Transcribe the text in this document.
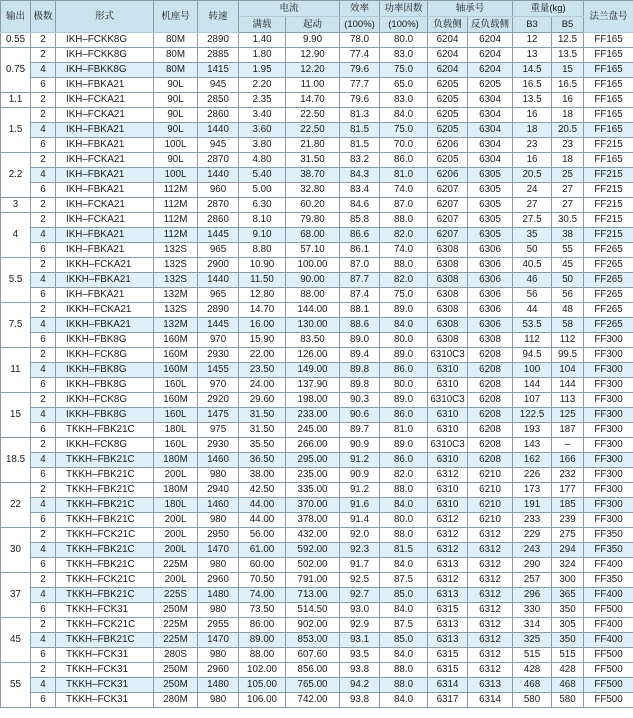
输出	极数	形式	机座号	转速	电流		效率	功率因数	轴承号		重量(kg)		法兰盘号
					满载	起动	(100%)	(100%)	负载侧	反负载侧	B3	B5	
0.55	2	IKH–FCKK8G	80M	2890	1.40	9.90	78.0	80.0	6204	6204	12	12.5	FF165
0.75	2	IKH–FCKK8G	80M	2885	1.80	12.90	77.4	83.0	6204	6204	13	13.5	FF165
	4	IKH–FBKK8G	80M	1415	1.95	12.20	79.6	75.0	6204	6204	14.5	15	FF165
	6	IKH–FBKA21	90L	945	2.20	11.00	77.7	65.0	6205	6205	16.5	16.5	FF165
1.1	2	IKH–FCKA21	90L	2850	2.35	14.70	79.6	83.0	6205	6304	13.5	16	FF165
1.5	2	IKH–FCKA21	90L	2860	3.40	22.50	81.3	84.0	6205	6304	16	18	FF165
	4	IKH–FBKA21	90L	1440	3.60	22.50	81.5	75.0	6205	6304	18	20.5	FF165
	6	IKH–FBKA21	100L	945	3.80	21.80	81.5	70.0	6206	6304	23	23	FF215
2.2	2	IKH–FCKA21	90L	2870	4.80	31.50	83.2	86.0	6205	6304	16	18	FF165
	4	IKH–FBKA21	100L	1440	5.40	38.70	84.3	81.0	6206	6305	20.5	25	FF215
	6	IKH–FBKA21	112M	960	5.00	32.80	83.4	74.0	6207	6305	24	27	FF215
3	2	IKH–FCKA21	112M	2870	6.30	60.20	84.6	87.0	6207	6305	27	27	FF215
4	2	IKH–FCKA21	112M	2860	8.10	79.80	85.8	88.0	6207	6305	27.5	30.5	FF215
	4	IKH–FBKA21	112M	1445	9.10	68.00	86.6	82.0	6207	6305	35	38	FF215
	6	IKH–FBKA21	132S	965	8.80	57.10	86.1	74.0	6308	6306	50	55	FF265
5.5	2	IKKH–FCKA21	132S	2900	10.90	100.00	87.0	88.0	6308	6306	40.5	45	FF265
	4	IKKH–FBKA21	132S	1440	11.50	90.00	87.7	82.0	6308	6306	46	50	FF265
	6	IKH–FBKA21	132M	965	12.80	88.00	87.4	75.0	6308	6306	56	56	FF265
7.5	2	IKKH–FCKA21	132S	2890	14.70	144.00	88.1	89.0	6308	6306	44	48	FF265
	4	IKKH–FBKA21	132M	1445	16.00	130.00	88.6	84.0	6308	6306	53.5	58	FF265
	6	IKKH–FBK8G	160M	970	15.90	83.50	89.0	80.0	6308	6308	112	112	FF300
11	2	IKKH–FCK8G	160M	2930	22.00	126.00	89.4	89.0	6310C3	6208	94.5	99.5	FF300
	4	IKKH–FBK8G	160M	1455	23.50	149.00	89.8	86.0	6310	6208	100	104	FF300
	6	IKKH–FBK8G	160L	970	24.00	137.90	89.8	80.0	6310	6208	144	144	FF300
15	2	IKKH–FCK8G	160M	2920	29.60	198.00	90.3	89.0	6310C3	6208	107	113	FF300
	4	IKKH–FBK8G	160L	1475	31.50	233.00	90.6	86.0	6310	6208	122.5	125	FF300
	6	TKKH–FBK21C	180L	975	31.50	245.00	89.7	81.0	6310	6208	193	187	FF300
18.5	2	IKKH–FCK8G	160L	2930	35.50	266.00	90.9	89.0	6310C3	6208	143	–	FF300
	4	TKKH–FBK21C	180M	1460	36.50	295.00	91.2	86.0	6310	6208	162	166	FF300
	6	TKKH–FBK21C	200L	980	38.00	235.00	90.9	82.0	6312	6210	226	232	FF300
22	2	TKKH–FBK21C	180M	2940	42.50	335.00	91.2	88.0	6310	6210	173	177	FF300
	4	TKKH–FBK21C	180L	1460	44.00	370.00	91.6	84.0	6310	6210	191	185	FF300
	6	TKKH–FBK21C	200L	980	44.00	378.00	91.4	80.0	6312	6210	233	239	FF300
30	2	TKKH–FCK21C	200L	2950	56.00	432.00	92.0	88.0	6312	6312	229	275	FF350
	4	TKKH–FBK21C	200L	1470	61.00	592.00	92.3	81.5	6312	6312	243	294	FF350
	6	TKKH–FBK21C	225M	980	60.00	502.00	91.7	84.0	6313	6312	290	324	FF400
37	2	TKKH–FCK21C	200L	2960	70.50	791.00	92.5	87.5	6312	6312	257	300	FF350
	4	TKKH–FBK21C	225S	1480	74.00	713.00	92.7	85.0	6313	6312	296	365	FF400
	6	TKKH–FCK31	250M	980	73.50	514.50	93.0	84.0	6315	6312	330	350	FF500
45	2	TKKH–FCK21C	225M	2955	86.00	902.00	92.9	87.5	6313	6312	314	305	FF400
	4	TKKH–FBK21C	225M	1470	89.00	853.00	93.1	85.0	6313	6312	325	350	FF400
	6	TKKH–FCK31	280S	980	88.00	607.60	93.5	84.0	6315	6312	515	515	FF500
55	2	TKKH–FCK31	250M	2960	102.00	856.00	93.8	88.0	6315	6312	428	428	FF500
	4	TKKH–FCK31	250M	1480	105.00	765.00	94.2	88.0	6314	6313	468	468	FF500
	6	TKKH–FCK31	280M	980	106.00	742.00	93.8	84.0	6317	6314	580	580	FF500
